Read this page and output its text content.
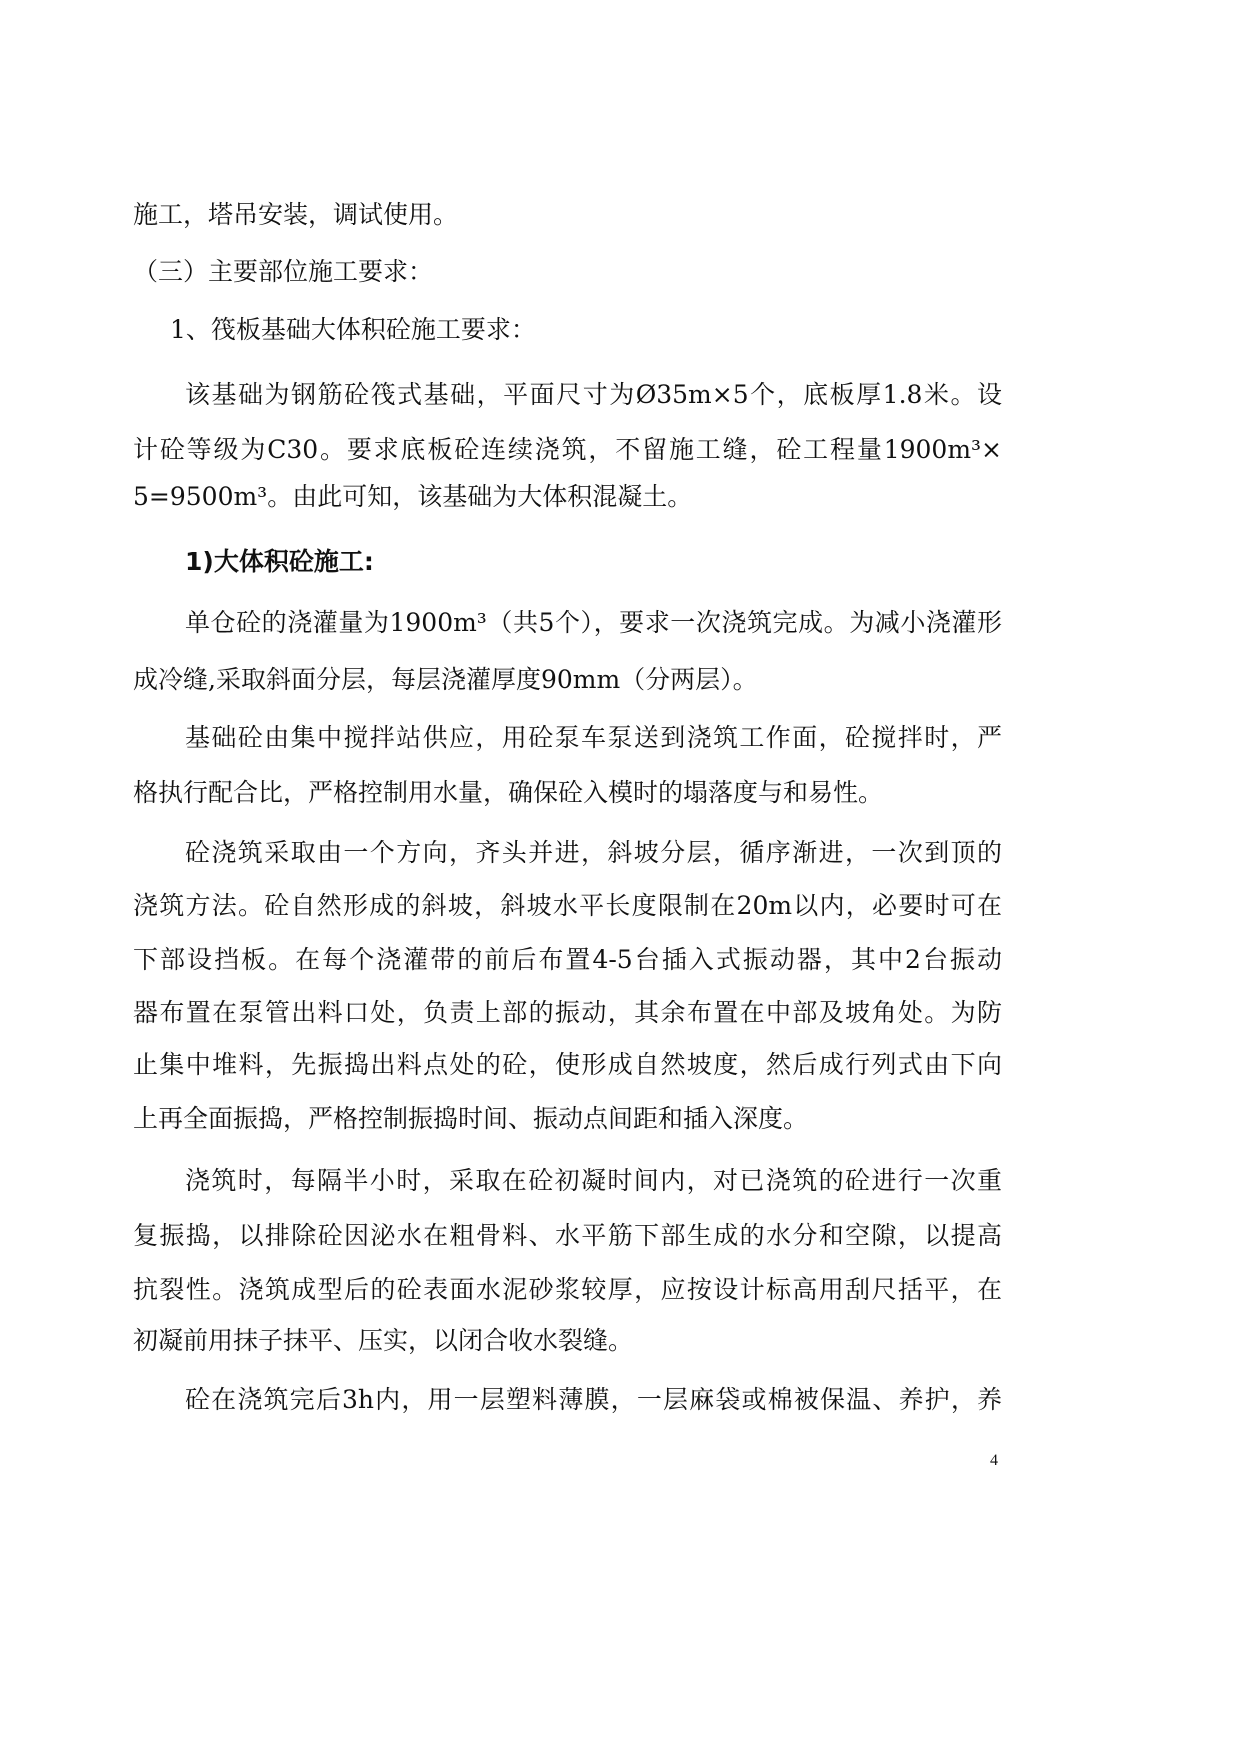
施工，塔吊安装，调试使用。
（三）主要部位施工要求：
1、筏板基础大体积砼施工要求：
该基础为钢筋砼筏式基础，平面尺寸为Ø35m×5个，底板厚1.8米。设
计砼等级为C30。要求底板砼连续浇筑，不留施工缝，砼工程量1900m³×
5=9500m³。由此可知，该基础为大体积混凝土。
1)大体积砼施工:
单仓砼的浇灌量为1900m³（共5个），要求一次浇筑完成。为减小浇灌形
成冷缝,采取斜面分层，每层浇灌厚度90mm（分两层）。
基础砼由集中搅拌站供应，用砼泵车泵送到浇筑工作面，砼搅拌时，严
格执行配合比，严格控制用水量，确保砼入模时的塌落度与和易性。
砼浇筑采取由一个方向，齐头并进，斜坡分层，循序渐进，一次到顶的
浇筑方法。砼自然形成的斜坡，斜坡水平长度限制在20m以内，必要时可在
下部设挡板。在每个浇灌带的前后布置4-5台插入式振动器，其中2台振动
器布置在泵管出料口处，负责上部的振动，其余布置在中部及坡角处。为防
止集中堆料，先振捣出料点处的砼，使形成自然坡度，然后成行列式由下向
上再全面振捣，严格控制振捣时间、振动点间距和插入深度。
浇筑时，每隔半小时，采取在砼初凝时间内，对已浇筑的砼进行一次重
复振捣，以排除砼因泌水在粗骨料、水平筋下部生成的水分和空隙，以提高
抗裂性。浇筑成型后的砼表面水泥砂浆较厚，应按设计标高用刮尺括平，在
初凝前用抹子抹平、压实，以闭合收水裂缝。
砼在浇筑完后3h内，用一层塑料薄膜，一层麻袋或棉被保温、养护，养
4
